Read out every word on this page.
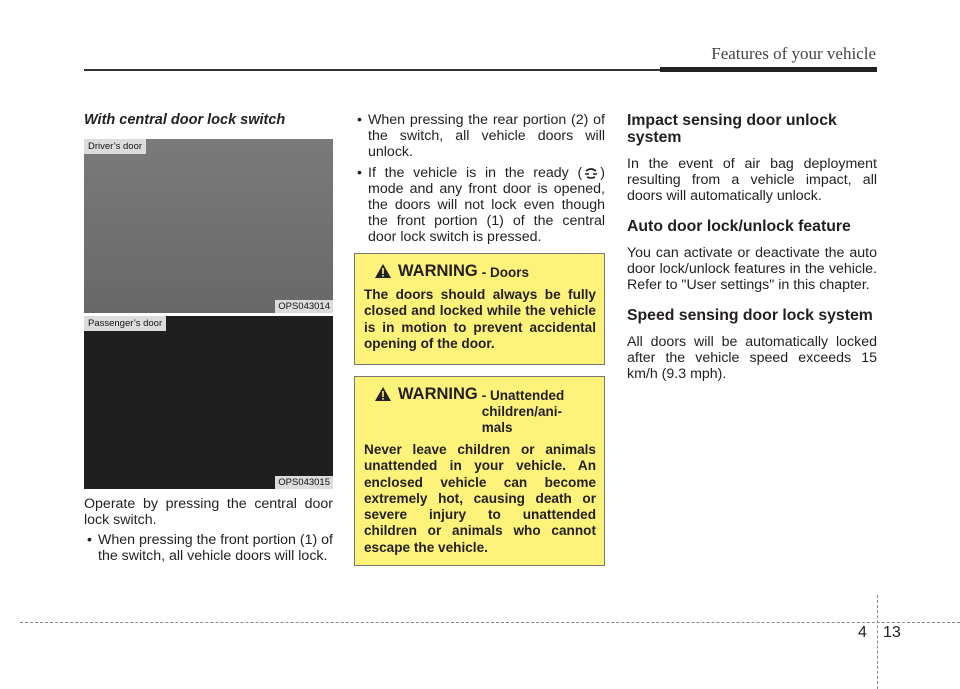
Features of your vehicle
With central door lock switch
Driver’s door
OPS043014
Passenger’s door
OPS043015

Operate by pressing the central door lock switch.

• When pressing the front portion (1) of the switch, all vehicle doors will lock.

• When pressing the rear portion (2) of the switch, all vehicle doors will unlock.

• If the vehicle is in the ready ( ) mode and any front door is opened, the doors will not lock even though the front portion (1) of the central door lock switch is pressed.

WARNING - Doors
The doors should always be fully closed and locked while the vehicle is in motion to prevent accidental opening of the door.
WARNING - Unattended children/ani-mals
Never leave children or animals unattended in your vehicle. An enclosed vehicle can become extremely hot, causing death or severe injury to unattended children or animals who cannot escape the vehicle.
Impact sensing door unlock system

In the event of air bag deployment resulting from a vehicle impact, all doors will automatically unlock.

Auto door lock/unlock feature

You can activate or deactivate the auto door lock/unlock features in the vehicle. Refer to "User settings" in this chapter.

Speed sensing door lock system

All doors will be automatically locked after the vehicle speed exceeds 15 km/h (9.3 mph).

4 13
